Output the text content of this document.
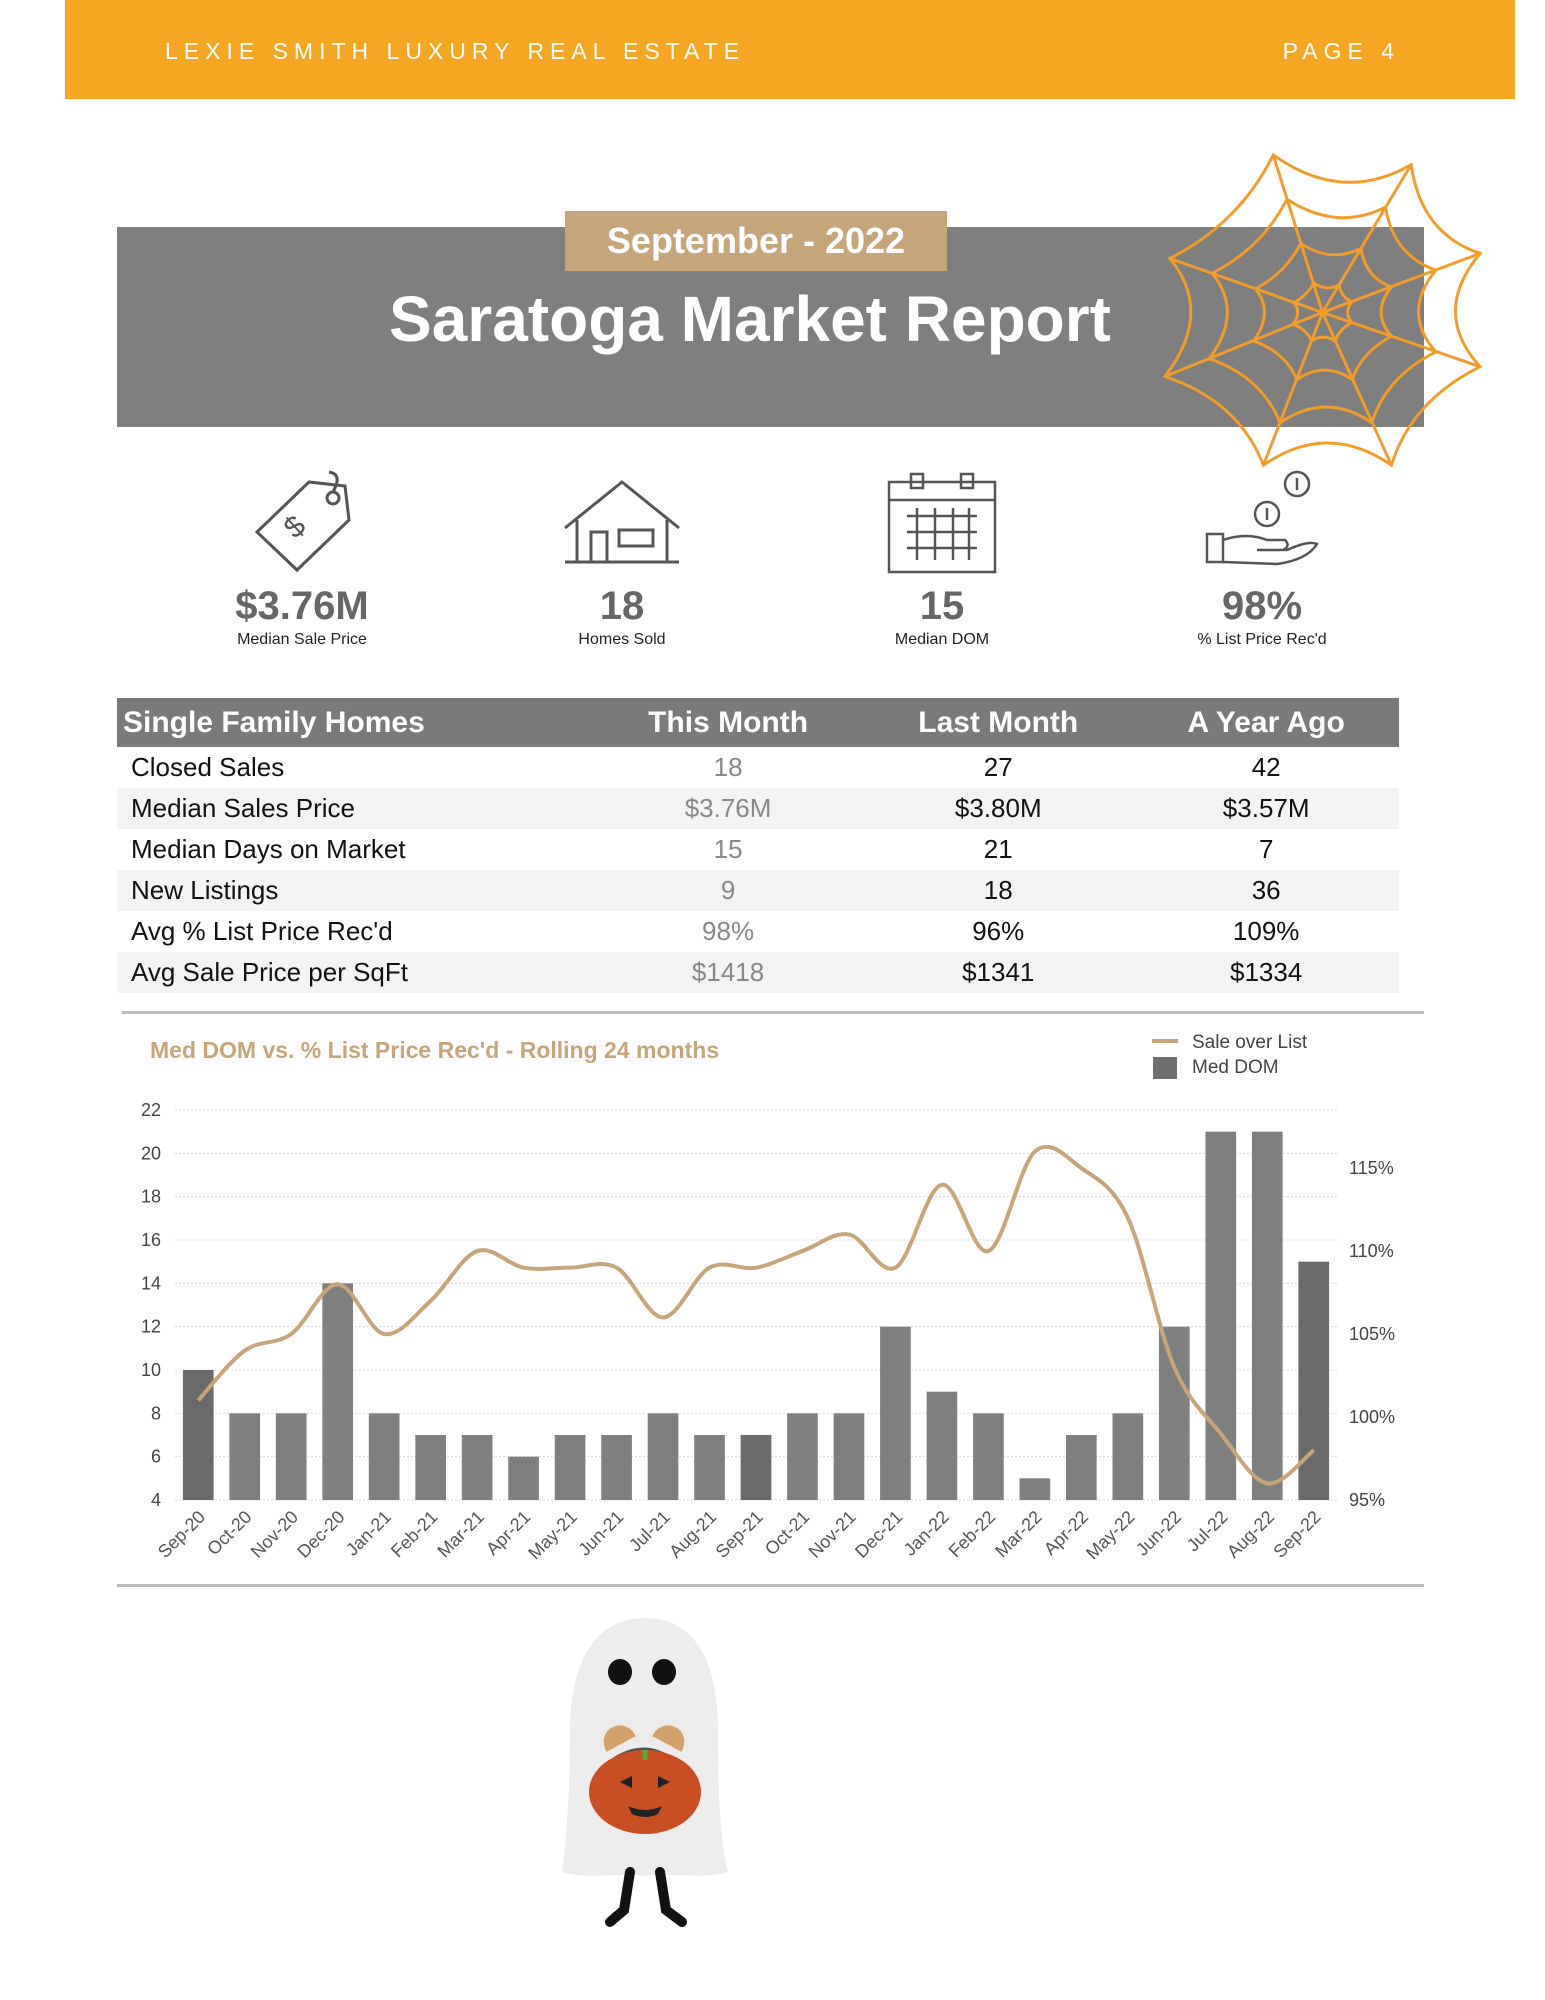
LEXIE SMITH LUXURY REAL ESTATE	PAGE 4
September - 2022
Saratoga Market Report
$
$3.76M
Median Sale Price
18
Homes Sold
15
Median DOM
98%
% List Price Rec'd
Single Family Homes	This Month	Last Month	A Year Ago
Closed Sales	18	27	42
Median Sales Price	$3.76M	$3.80M	$3.57M
Median Days on Market	15	21	7
New Listings	9	18	36
Avg % List Price Rec'd	98%	96%	109%
Avg Sale Price per SqFt	$1418	$1341	$1334
Med DOM vs. % List Price Rec'd - Rolling 24 months	Sale over List
Med DOM
4
6
8
10
12
14
16
18
20
22
95%
100%
105%
110%
115%
Sep-20
Oct-20
Nov-20
Dec-20
Jan-21
Feb-21
Mar-21
Apr-21
May-21
Jun-21
Jul-21
Aug-21
Sep-21
Oct-21
Nov-21
Dec-21
Jan-22
Feb-22
Mar-22
Apr-22
May-22
Jun-22
Jul-22
Aug-22
Sep-22
